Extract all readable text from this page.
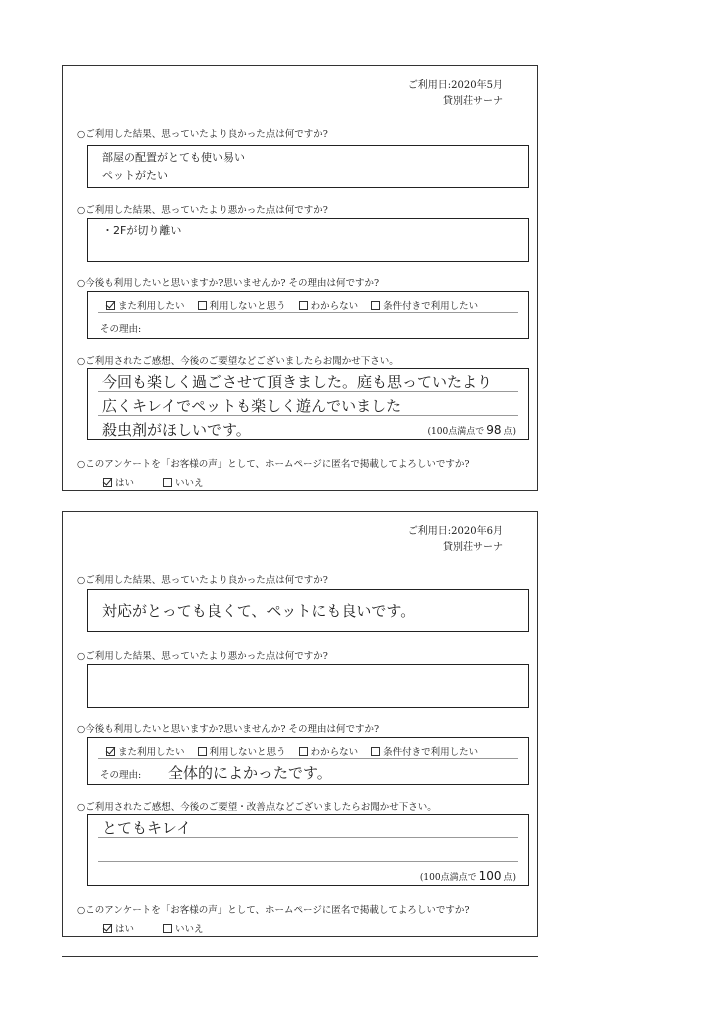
ご利用日:2020年5月
貸別荘サーナ
○ご利用した結果、思っていたより良かった点は何ですか?
部屋の配置がとても使い易い
ペットがたい
○ご利用した結果、思っていたより悪かった点は何ですか?
・2Fが切り離い
○今後も利用したいと思いますか?思いませんか? その理由は何ですか?
また利用したい	利用しないと思う	わからない	条件付きで利用したい
その理由:
○ご利用されたご感想、今後のご要望などございましたらお聞かせ下さい。
今回も楽しく過ごさせて頂きました。庭も思っていたより
広くキレイでペットも楽しく遊んでいました
殺虫剤がほしいです。	(100点満点で 98 点)
○このアンケートを「お客様の声」として、ホームページに匿名で掲載してよろしいですか?
はい	いいえ
ご利用日:2020年6月
貸別荘サーナ
○ご利用した結果、思っていたより良かった点は何ですか?
対応がとっても良くて、ペットにも良いです。
○ご利用した結果、思っていたより悪かった点は何ですか?
○今後も利用したいと思いますか?思いませんか? その理由は何ですか?
また利用したい	利用しないと思う	わからない	条件付きで利用したい
その理由: 全体的によかったです。
○ご利用されたご感想、今後のご要望・改善点などございましたらお聞かせ下さい。
とてもキレイ
(100点満点で 100 点)
○このアンケートを「お客様の声」として、ホームページに匿名で掲載してよろしいですか?
はい	いいえ
